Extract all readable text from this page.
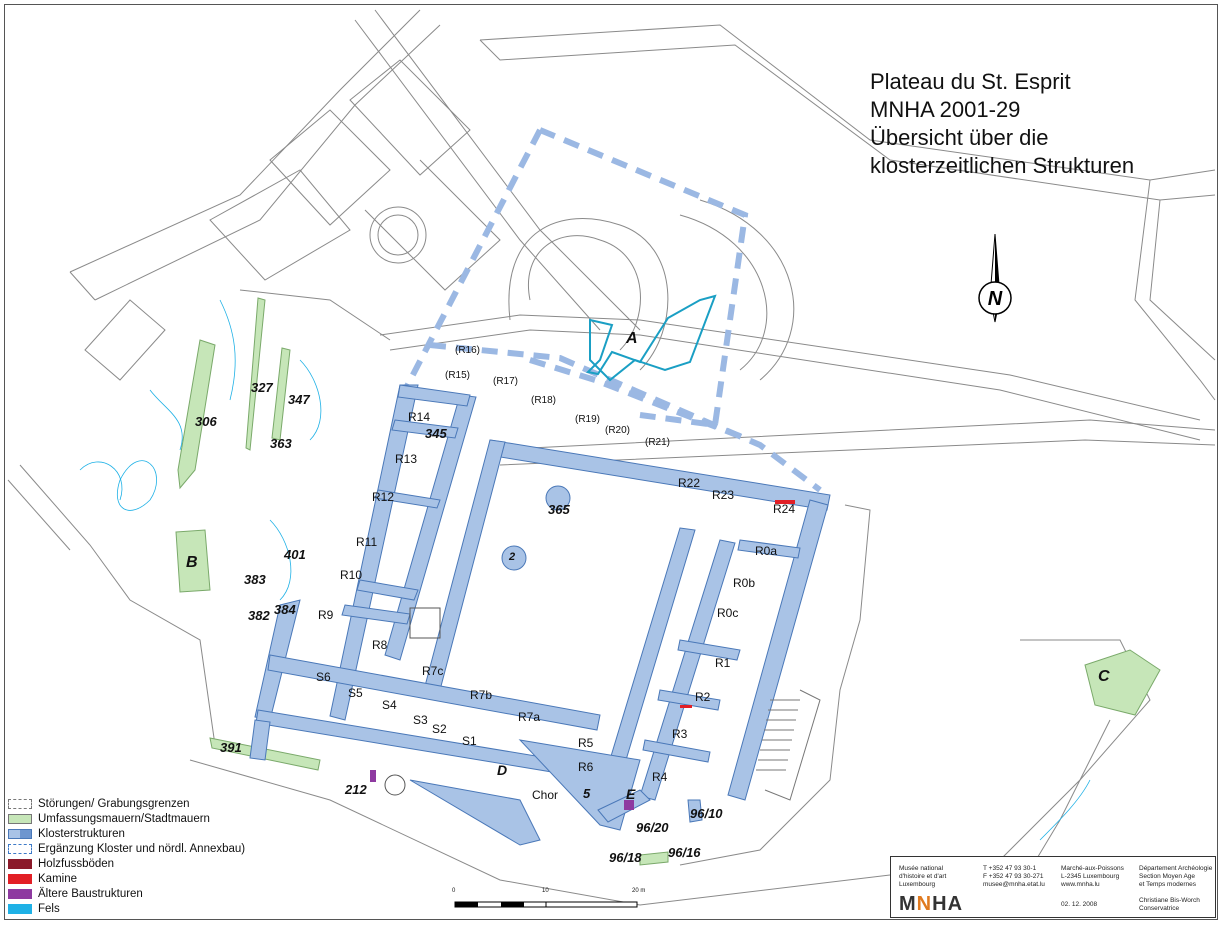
Plateau du St. Esprit
MNHA 2001-29
Übersicht über die
klosterzeitlichen Strukturen
N
R14
R13
R12
R11
R10
R9
R8
R7c
R7b
R7a
R5
R6
R4
R3
R2
R1
R0c
R0b
R0a
R24
R23
R22
S1
S2
S3
S4
S5
S6
Chor
(R16)
(R15)
(R17)
(R18)
(R19)
(R20)
(R21)
306
327
347
363
345
365
401
383
384
382
391
212	5
96/20
96/10
96/18 96/16
2
A
B
C
D
E
Störungen/ Grabungsgrenzen
Umfassungsmauern/Stadtmauern
Klosterstrukturen
Ergänzung Kloster und nördl. Annexbau)
Holzfussböden
Kamine
Ältere Baustrukturen
Fels
0	10	20 m
Musée national
d'histoire et d'art
Luxembourg
MNHA
T +352 47 93 30-1
F +352 47 93 30-271
musee@mnha.etat.lu
Marché-aux-Poissons
L-2345 Luxembourg
www.mnha.lu
02. 12. 2008
Département Archéologie
Section Moyen Age
et Temps modernes
Christiane Bis-Worch
Conservatrice
